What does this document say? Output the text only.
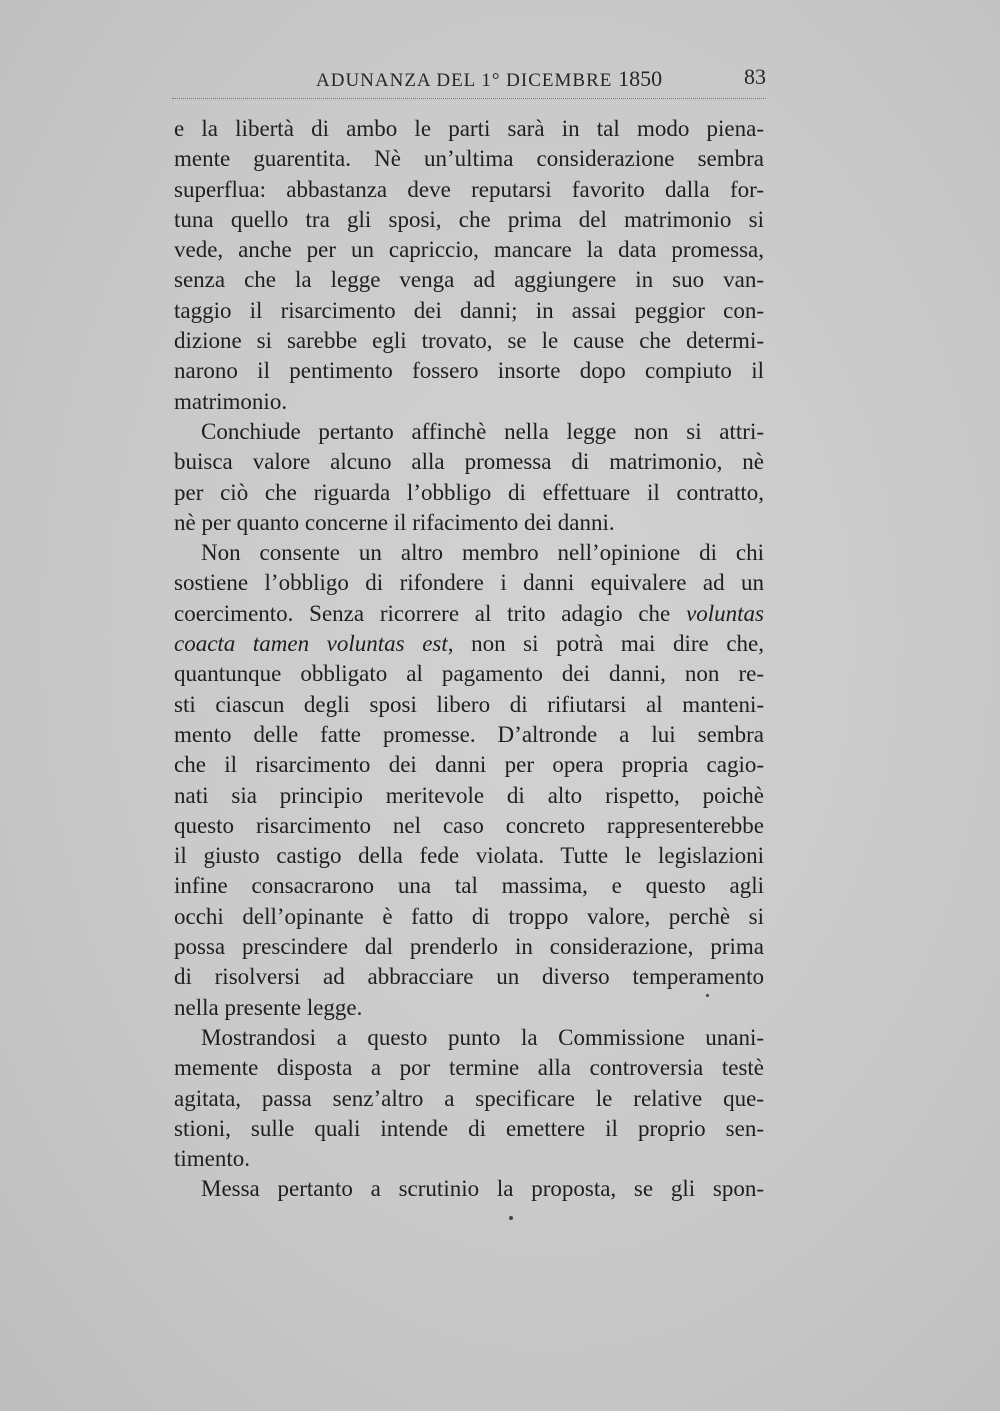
ADUNANZA DEL 1° DICEMBRE 1850	83
e la libertà di ambo le parti sarà in tal modo piena-
mente guarentita. Nè un’ultima considerazione sembra
superflua: abbastanza deve reputarsi favorito dalla for-
tuna quello tra gli sposi, che prima del matrimonio si
vede, anche per un capriccio, mancare la data promessa,
senza che la legge venga ad aggiungere in suo van-
taggio il risarcimento dei danni; in assai peggior con-
dizione si sarebbe egli trovato, se le cause che determi-
narono il pentimento fossero insorte dopo compiuto il
matrimonio.
Conchiude pertanto affinchè nella legge non si attri-
buisca valore alcuno alla promessa di matrimonio, nè
per ciò che riguarda l’obbligo di effettuare il contratto,
nè per quanto concerne il rifacimento dei danni.
Non consente un altro membro nell’opinione di chi
sostiene l’obbligo di rifondere i danni equivalere ad un
coercimento. Senza ricorrere al trito adagio che voluntas
coacta tamen voluntas est, non si potrà mai dire che,
quantunque obbligato al pagamento dei danni, non re-
sti ciascun degli sposi libero di rifiutarsi al manteni-
mento delle fatte promesse. D’altronde a lui sembra
che il risarcimento dei danni per opera propria cagio-
nati sia principio meritevole di alto rispetto, poichè
questo risarcimento nel caso concreto rappresenterebbe
il giusto castigo della fede violata. Tutte le legislazioni
infine consacrarono una tal massima, e questo agli
occhi dell’opinante è fatto di troppo valore, perchè si
possa prescindere dal prenderlo in considerazione, prima
di risolversi ad abbracciare un diverso temperamento
nella presente legge.
Mostrandosi a questo punto la Commissione unani-
memente disposta a por termine alla controversia testè
agitata, passa senz’altro a specificare le relative que-
stioni, sulle quali intende di emettere il proprio sen-
timento.
Messa pertanto a scrutinio la proposta, se gli spon-
